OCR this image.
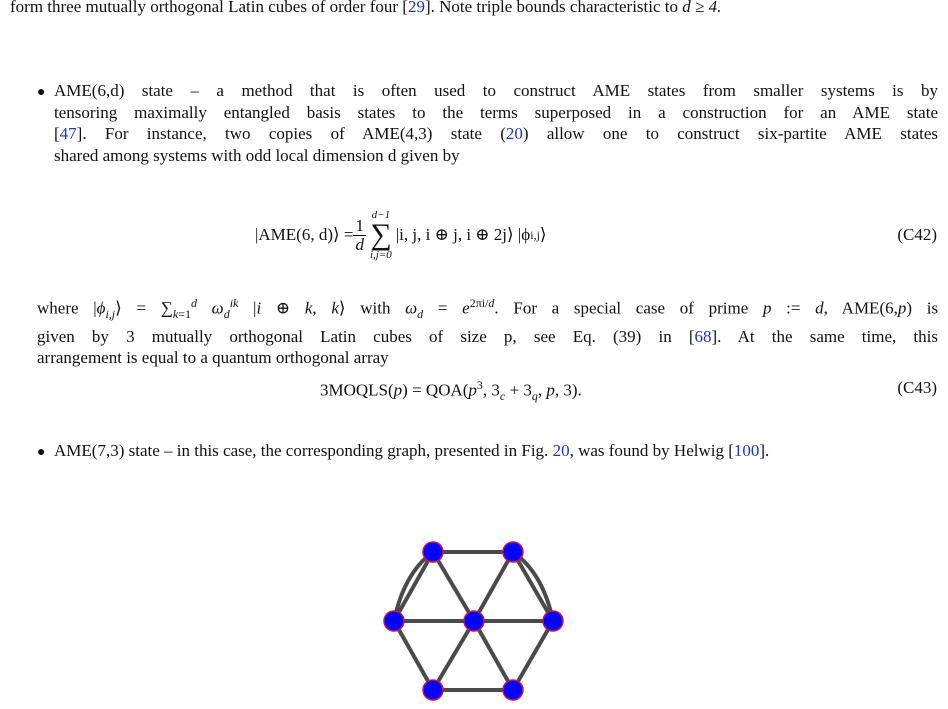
form three mutually orthogonal Latin cubes of order four [29]. Note triple bounds characteristic to d ≥ 4.
● AME(6,d) state – a method that is often used to construct AME states from smaller systems is by
tensoring maximally entangled basis states to the terms superposed in a construction for an AME state
[47]. For instance, two copies of AME(4,3) state (20) allow one to construct six-partite AME states
shared among systems with odd local dimension d given by
|AME(6, d)⟩ = $\frac{1}{d}$
d−1
∑
i,j=0
|i, j, i ⊕ j, i ⊕ 2j⟩ |ϕ i,j ⟩	(C42)
where $|\phi_{i,j}⟩ = \sum_{k=1}^d$ $\omega_d^{ik}$ |i ⊕ k, k⟩ with $\omega_d = e^{2\pi i/d}$. For a special case of prime p := d, AME(6,p) is
given by 3 mutually orthogonal Latin cubes of size p, see Eq. (39) in [68]. At the same time, this
arrangement is equal to a quantum orthogonal array
3MOQLS(p) = $QOA(p^3$, $3_c + 3_q$, p, 3).	(C43)
● AME(7,3) state – in this case, the corresponding graph, presented in Fig. 20, was found by Helwig [100].
